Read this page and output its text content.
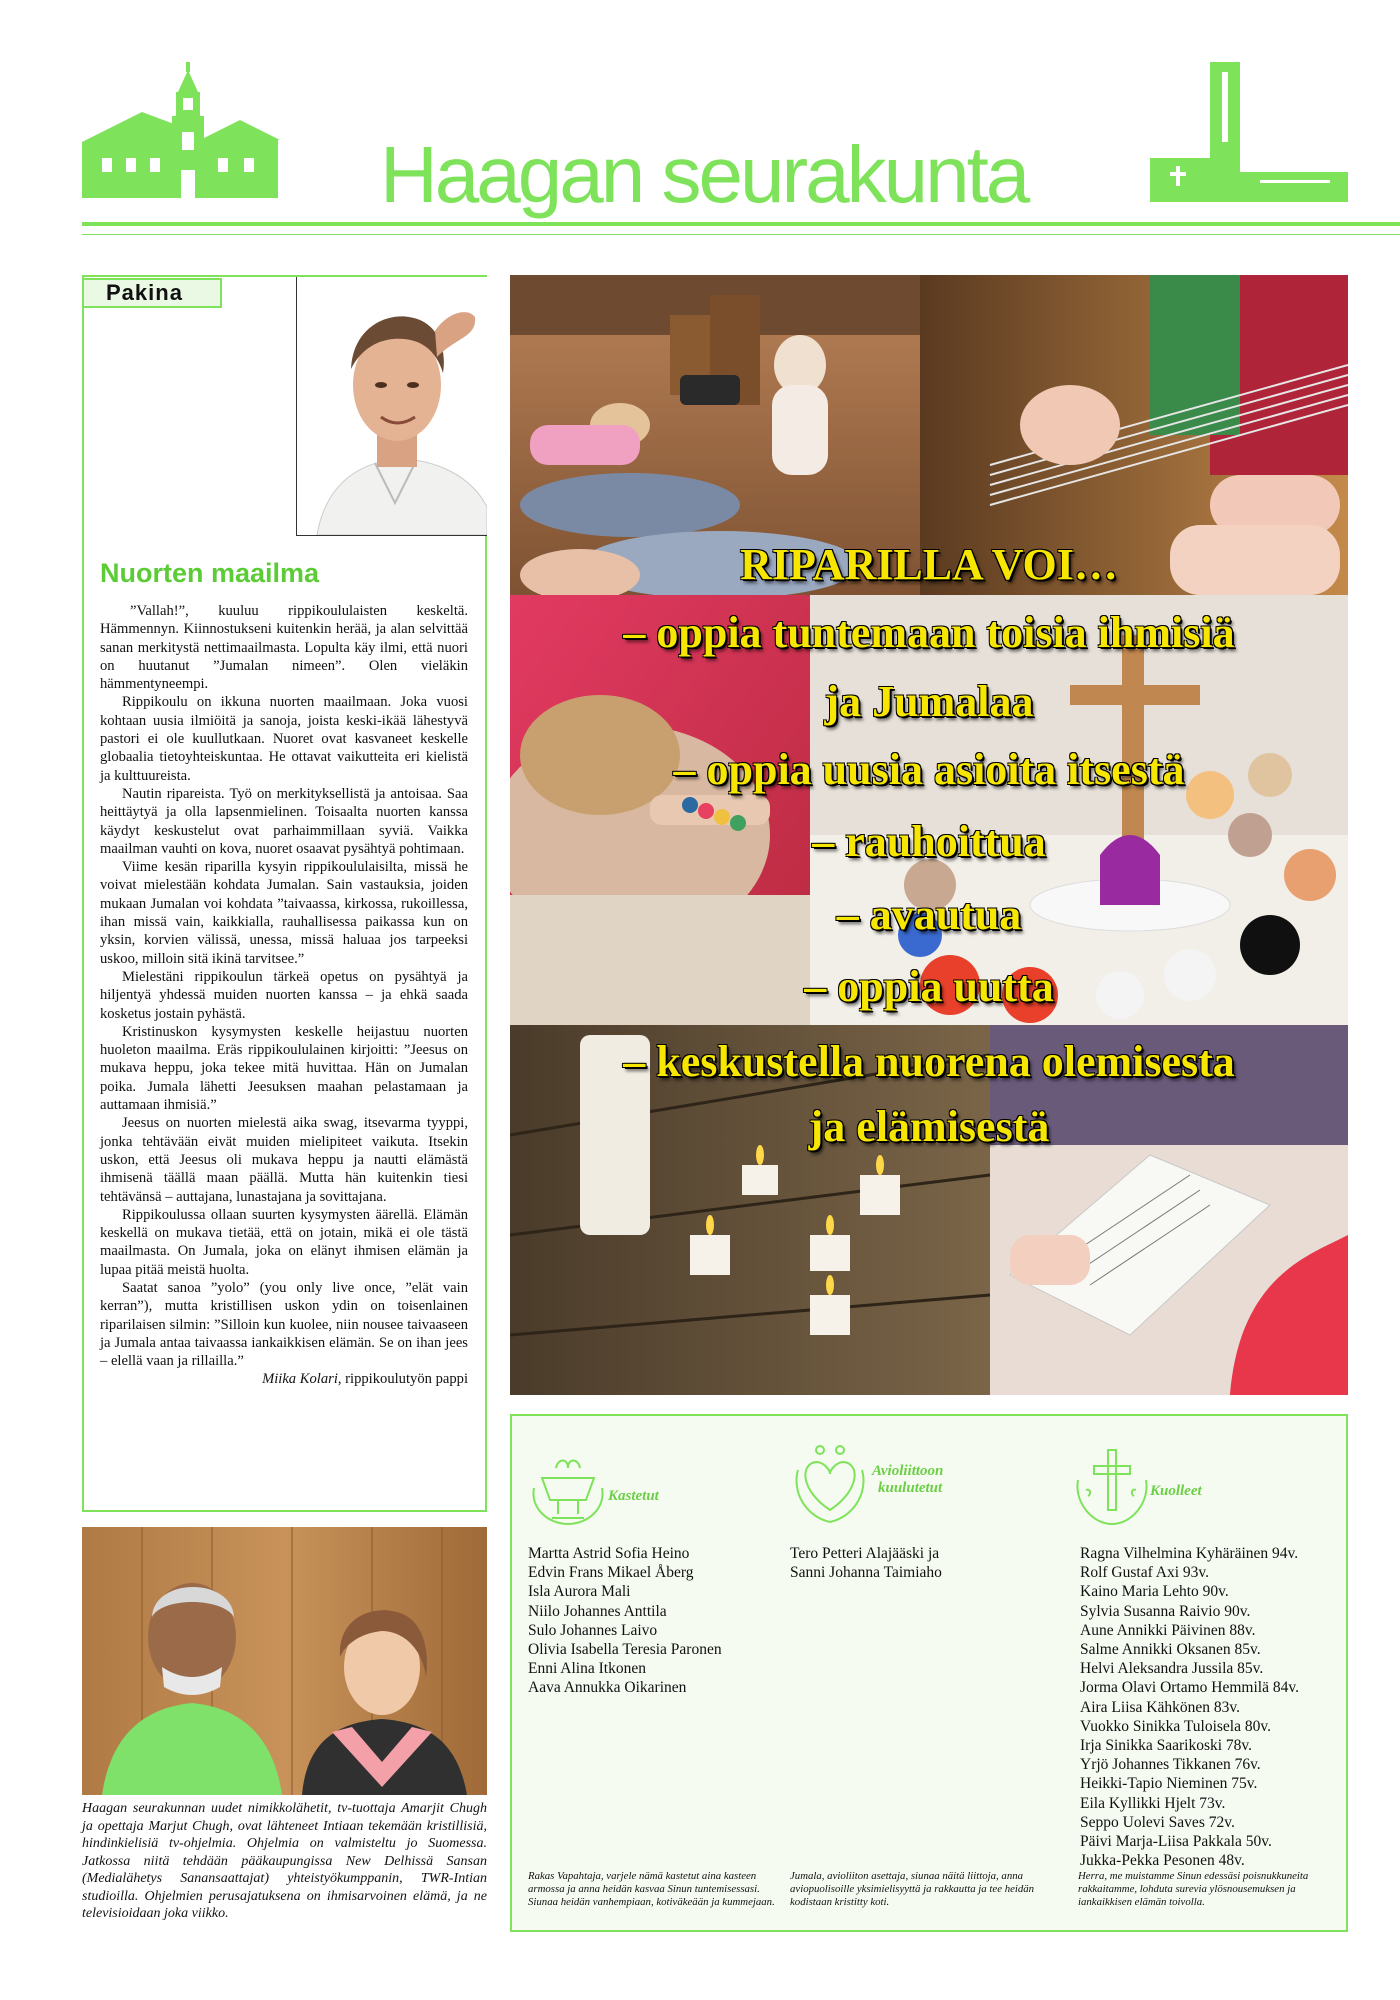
Haagan seurakunta
Pakina
Nuorten maailma

”Vallah!”, kuuluu rippikoululaisten keskeltä. Hämmennyn. Kiinnostukseni kuitenkin herää, ja alan selvittää sanan merkitystä nettimaailmasta. Lopulta käy ilmi, että nuori on huutanut ”Jumalan nimeen”. Olen vieläkin hämmentyneempi.

Rippikoulu on ikkuna nuorten maailmaan. Joka vuosi kohtaan uusia ilmiöitä ja sanoja, joista keski-ikää lähestyvä pastori ei ole kuullutkaan. Nuoret ovat kasvaneet keskelle globaalia tietoyhteiskuntaa. He ottavat vaikutteita eri kielistä ja kulttuureista.

Nautin ripareista. Työ on merkityksellistä ja antoisaa. Saa heittäytyä ja olla lapsenmielinen. Toisaalta nuorten kanssa käydyt keskustelut ovat parhaimmillaan syviä. Vaikka maailman vauhti on kova, nuoret osaavat pysähtyä pohtimaan.

Viime kesän riparilla kysyin rippikoululaisilta, missä he voivat mielestään kohdata Jumalan. Sain vastauksia, joiden mukaan Jumalan voi kohdata ”taivaassa, kirkossa, rukoillessa, ihan missä vain, kaikkialla, rauhallisessa paikassa kun on yksin, korvien välissä, unessa, missä haluaa jos tarpeeksi uskoo, milloin sitä ikinä tarvitsee.”

Mielestäni rippikoulun tärkeä opetus on pysähtyä ja hiljentyä yhdessä muiden nuorten kanssa – ja ehkä saada kosketus jostain pyhästä.

Kristinuskon kysymysten keskelle heijastuu nuorten huoleton maailma. Eräs rippikoululainen kirjoitti: ”Jeesus on mukava heppu, joka tekee mitä huvittaa. Hän on Jumalan poika. Jumala lähetti Jeesuksen maahan pelastamaan ja auttamaan ihmisiä.”

Jeesus on nuorten mielestä aika swag, itsevarma tyyppi, jonka tehtävään eivät muiden mielipiteet vaikuta. Itsekin uskon, että Jeesus oli mukava heppu ja nautti elämästä ihmisenä täällä maan päällä. Mutta hän kuitenkin tiesi tehtävänsä – auttajana, lunastajana ja sovittajana.

Rippikoulussa ollaan suurten kysymysten äärellä. Elämän keskellä on mukava tietää, että on jotain, mikä ei ole tästä maailmasta. On Jumala, joka on elänyt ihmisen elämän ja lupaa pitää meistä huolta.

Saatat sanoa ”yolo” (you only live once, ”elät vain kerran”), mutta kristillisen uskon ydin on toisenlainen riparilaisen silmin: ”Silloin kun kuolee, niin nousee taivaaseen ja Jumala antaa taivaassa iankaikkisen elämän. Se on ihan jees – elellä vaan ja rillailla.”

Miika Kolari, rippikoulutyön pappi

Haagan seurakunnan uudet nimikkolähetit, tv-tuottaja Amarjit Chugh ja opettaja Marjut Chugh, ovat lähteneet Intiaan tekemään kristillisiä, hindinkielisiä tv-ohjelmia. Ohjelmia on valmisteltu jo Suomessa. Jatkossa niitä tehdään pääkaupungissa New Delhissä Sansan (Medialähetys Sanansaattajat) yhteistyökumppanin, TWR-Intian studioilla. Ohjelmien perusajatuksena on ihmisarvoinen elämä, ja ne televisioidaan joka viikko.
RIPARILLA VOI…
– oppia tuntemaan toisia ihmisiä
ja Jumalaa
– oppia uusia asioita itsestä
– rauhoittua
– avautua
– oppia uutta
– keskustella nuorena olemisesta
ja elämisestä
Kastetut
Avioliittoon
kuulutetut	Kuolleet
Martta Astrid Sofia Heino
Edvin Frans Mikael Åberg
Isla Aurora Mali
Niilo Johannes Anttila
Sulo Johannes Laivo
Olivia Isabella Teresia Paronen
Enni Alina Itkonen
Aava Annukka Oikarinen
Tero Petteri Alajääski ja
Sanni Johanna Taimiaho
Ragna Vilhelmina Kyhäräinen 94v.
Rolf Gustaf Axi 93v.
Kaino Maria Lehto 90v.
Sylvia Susanna Raivio 90v.
Aune Annikki Päivinen 88v.
Salme Annikki Oksanen 85v.
Helvi Aleksandra Jussila 85v.
Jorma Olavi Ortamo Hemmilä 84v.
Aira Liisa Kähkönen 83v.
Vuokko Sinikka Tuloisela 80v.
Irja Sinikka Saarikoski 78v.
Yrjö Johannes Tikkanen 76v.
Heikki-Tapio Nieminen 75v.
Eila Kyllikki Hjelt 73v.
Seppo Uolevi Saves 72v.
Päivi Marja-Liisa Pakkala 50v.
Jukka-Pekka Pesonen 48v.
Rakas Vapahtaja, varjele nämä kastetut aina kasteen armossa ja anna heidän kasvaa Sinun tuntemisessasi. Siunaa heidän vanhempiaan, kotiväkeään ja kummejaan.
Jumala, avioliiton asettaja, siunaa näitä liittoja, anna aviopuolisoille yksimielisyyttä ja rakkautta ja tee heidän kodistaan kristitty koti.
Herra, me muistamme Sinun edessäsi poisnukkuneita rakkaitamme, lohduta surevia ylösnousemuksen ja iankaikkisen elämän toivolla.
